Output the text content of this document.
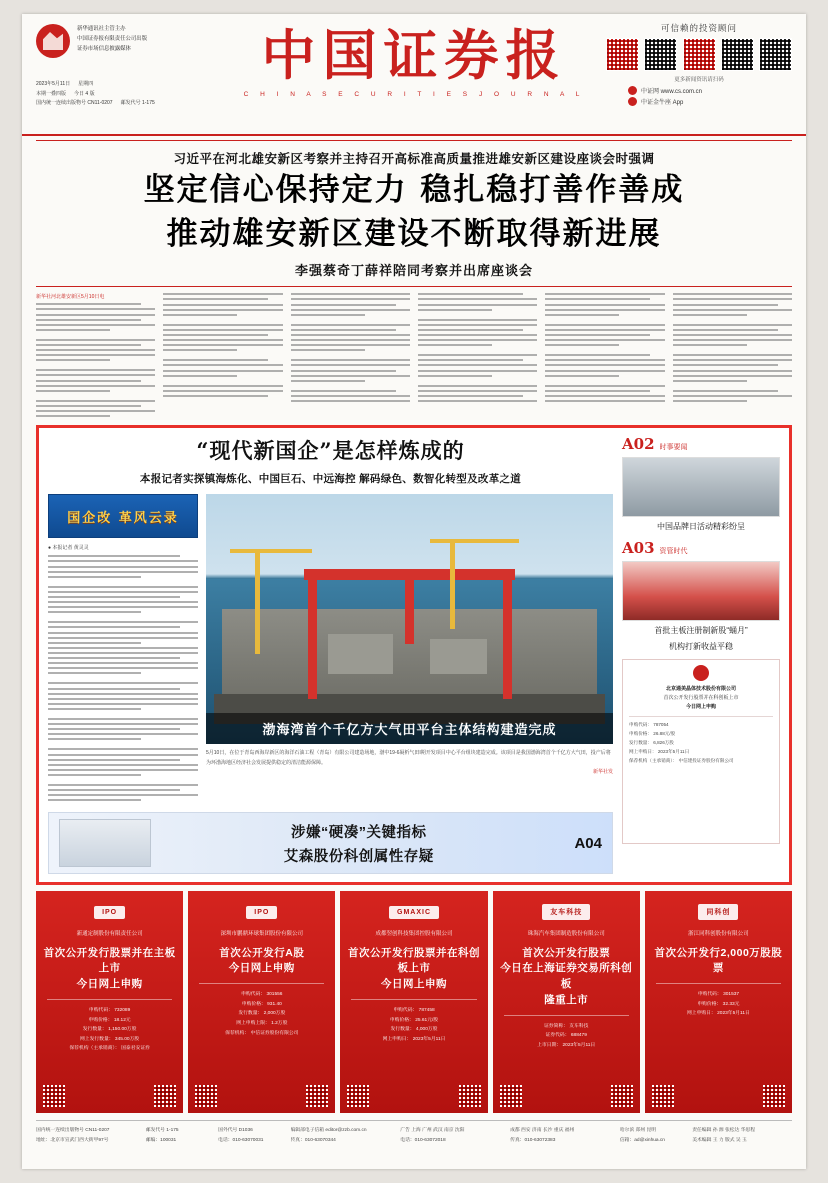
新华通讯社主管主办
中国证券报有限责任公司出版
证券市场信息披露媒体
2023年5月11日 星期四
本期一叠四版 今日 4 版
国内统一连续出版物号 CN11-0207 邮发代号 1-175
中国证券报
C H I N A S E C U R I T I E S J O U R N A L
可信赖的投资顾问
更多新闻资讯请扫码
中证网 www.cs.com.cn
中证金牛座 App
习近平在河北雄安新区考察并主持召开高标准高质量推进雄安新区建设座谈会时强调
坚定信心保持定力 稳扎稳打善作善成
推动雄安新区建设不断取得新进展
李强蔡奇丁薛祥陪同考察并出席座谈会
新华社河北雄安新区5月10日电
“现代新国企”是怎样炼成的
本报记者实探镇海炼化、中国巨石、中远海控 解码绿色、数智化转型及改革之道
国企改 革风云录
● 本报记者 黄灵灵
渤海湾首个千亿方大气田平台主体结构建造完成
5月10日，在位于青岛西海岸新区的海洋石油工程（青岛）有限公司建造场地，渤中19-6凝析气田I期开发项目中心平台组块建造完成。该项目是我国渤海湾首个千亿方大气田，投产后将为环渤海地区经济社会发展提供稳定的清洁能源保障。
新华社发
涉嫌“硬凑”关键指标
艾森股份科创属性存疑
A04
A02 时事要闻
中国品牌日活动精彩纷呈
A03 资管时代
首批主板注册制新股“蛹月”
机构打新收益平稳
北京通美晶体技术股份有限公司
首次公开发行股票并在科创板上市
今日网上申购
申购代码： 787054
申购价格： 26.88元/股
发行数量： 6,826万股
网上申购日： 2023年5月11日
保荐机构（主承销商）： 中信建投证券股份有限公司
IPO
新通定制股份有限责任公司
首次公开发行股票并在主板上市
今日网上申购
申购代码： 732089
申购价格： 18.12元
发行数量： 1,150.00万股
网上发行数量： 345.00万股
保荐机构（主承销商）： 国泰君安证券
IPO
深圳市鹏鼎环球集团股份有限公司
首次公开发行A股
今日网上申购
申购代码： 301556
申购价格： 931.40
发行数量： 2,000万股
网上申购上限： 1.2万股
保荐机构： 中信证券股份有限公司
GMAXIC
成都翌创科技集团控股有限公司
首次公开发行股票并在科创板上市
今日网上申购
申购代码： 787458
申购价格： 25.61元/股
发行数量： 4,000万股
网上申购日： 2023年5月11日
友车科技
珠海汽车集团制造股份有限公司
首次公开发行股票
今日在上海证券交易所科创板
隆重上市
证券简称： 友车科技
证券代码： 688479
上市日期： 2023年5月11日
同科创
浙江同科创股份有限公司
首次公开发行2,000万股股票
申购代码： 301537
申购价格： 32.33元
网上申购日： 2023年5月11日
国内统一连续出版物号 CN11-0207
地址：北京市宣武门西大街甲97号
邮发代号 1-175
邮编：100031
国外代号 D1036
电话：010-63070031
编辑部电子信箱 editor@zzb.com.cn
传真：010-63070344
广告 上海 广州 武汉 南京 沈阳
电话：010-63072018
成都 西安 济南 长沙 重庆 福州
传真：010-63072383
哈尔滨 郑州 昆明
信箱：ad@xinhua.cn
责任编辑 孙 源 张松达 华思程
美术编辑 王 力 版式 吴 玉
